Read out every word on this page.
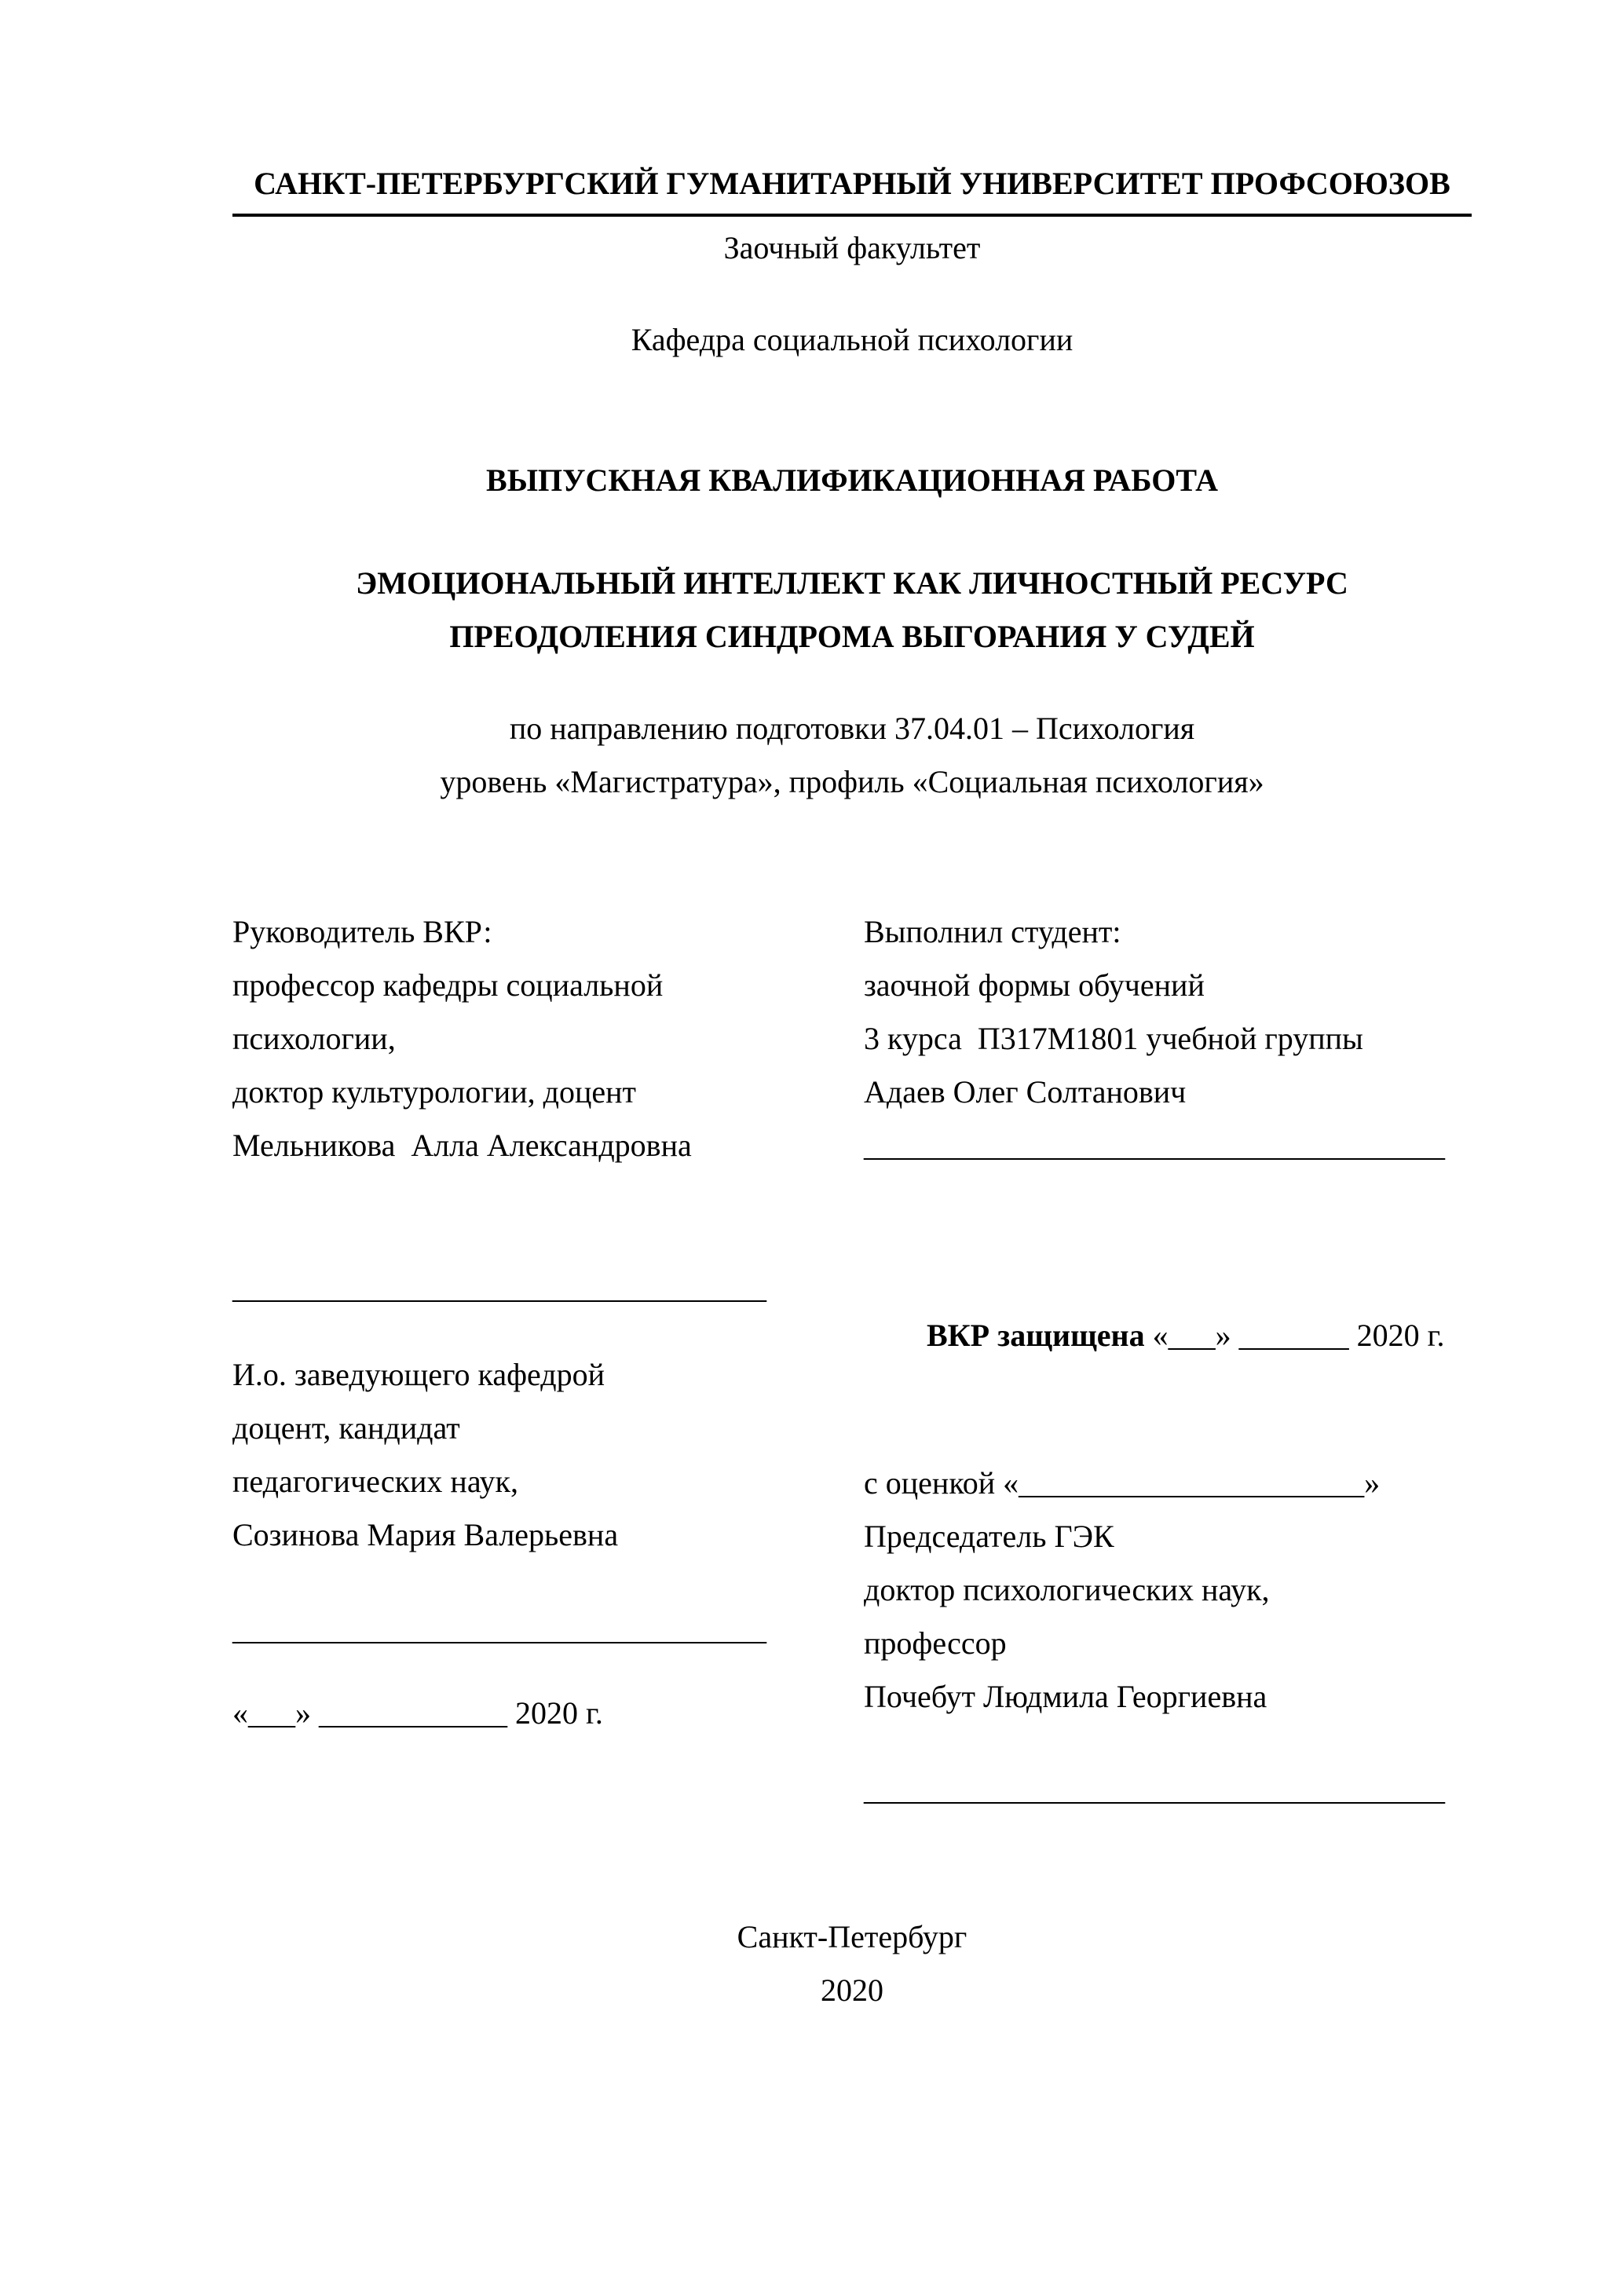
САНКТ-ПЕТЕРБУРГСКИЙ ГУМАНИТАРНЫЙ УНИВЕРСИТЕТ ПРОФСОЮЗОВ
Заочный факультет
Кафедра социальной психологии
ВЫПУСКНАЯ КВАЛИФИКАЦИОННАЯ РАБОТА
ЭМОЦИОНАЛЬНЫЙ ИНТЕЛЛЕКТ КАК ЛИЧНОСТНЫЙ РЕСУРС
ПРЕОДОЛЕНИЯ СИНДРОМА ВЫГОРАНИЯ У СУДЕЙ
по направлению подготовки 37.04.01 – Психология
уровень «Магистратура», профиль «Социальная психология»
Руководитель ВКР:
профессор кафедры социальной
психологии,
доктор культурологии, доцент
Мельникова  Алла Александровна
__________________________________
И.о. заведующего кафедрой
доцент, кандидат
педагогических наук,
Созинова Мария Валерьевна
__________________________________
«___» ____________ 2020 г.
Выполнил студент:
заочной формы обучений
3 курса  П317М1801 учебной группы
Адаев Олег Солтанович
_____________________________________

ВКР защищена «___» _______ 2020 г.

с оценкой «______________________»
Председатель ГЭК
доктор психологических наук,
профессор
Почебут Людмила Георгиевна
_____________________________________
Санкт-Петербург
2020
